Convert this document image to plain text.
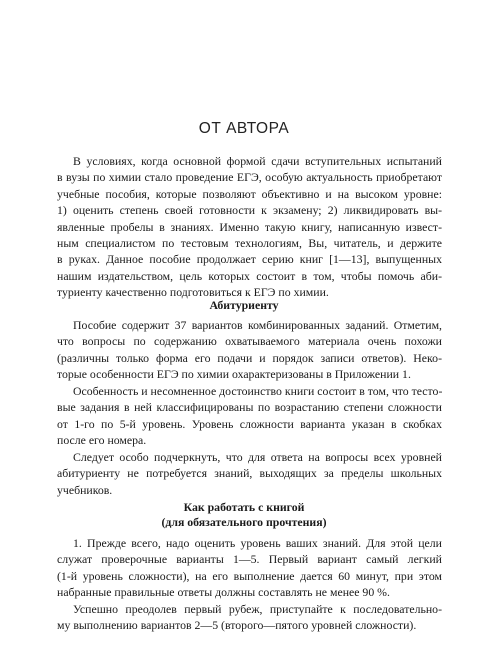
ОТ АВТОРА
В условиях, когда основной формой сдачи вступительных испытаний
в вузы по химии стало проведение ЕГЭ, особую актуальность приобретают
учебные пособия, которые позволяют объективно и на высоком уровне:
1) оценить степень своей готовности к экзамену; 2) ликвидировать вы-
явленные пробелы в знаниях. Именно такую книгу, написанную извест-
ным специалистом по тестовым технологиям, Вы, читатель, и держите
в руках. Данное пособие продолжает серию книг [1—13], выпущенных
нашим издательством, цель которых состоит в том, чтобы помочь аби-
туриенту качественно подготовиться к ЕГЭ по химии.
Абитуриенту
Пособие содержит 37 вариантов комбинированных заданий. Отметим,
что вопросы по содержанию охватываемого материала очень похожи
(различны только форма его подачи и порядок записи ответов). Неко-
торые особенности ЕГЭ по химии охарактеризованы в Приложении 1.
Особенность и несомненное достоинство книги состоит в том, что тесто-
вые задания в ней классифицированы по возрастанию степени сложности
от 1-го по 5-й уровень. Уровень сложности варианта указан в скобках
после его номера.
Следует особо подчеркнуть, что для ответа на вопросы всех уровней
абитуриенту не потребуется знаний, выходящих за пределы школьных
учебников.
Как работать с книгой
(для обязательного прочтения)
1. Прежде всего, надо оценить уровень ваших знаний. Для этой цели
служат проверочные варианты 1—5. Первый вариант самый легкий
(1-й уровень сложности), на его выполнение дается 60 минут, при этом
набранные правильные ответы должны составлять не менее 90 %.
Успешно преодолев первый рубеж, приступайте к последовательно-
му выполнению вариантов 2—5 (второго—пятого уровней сложности).
